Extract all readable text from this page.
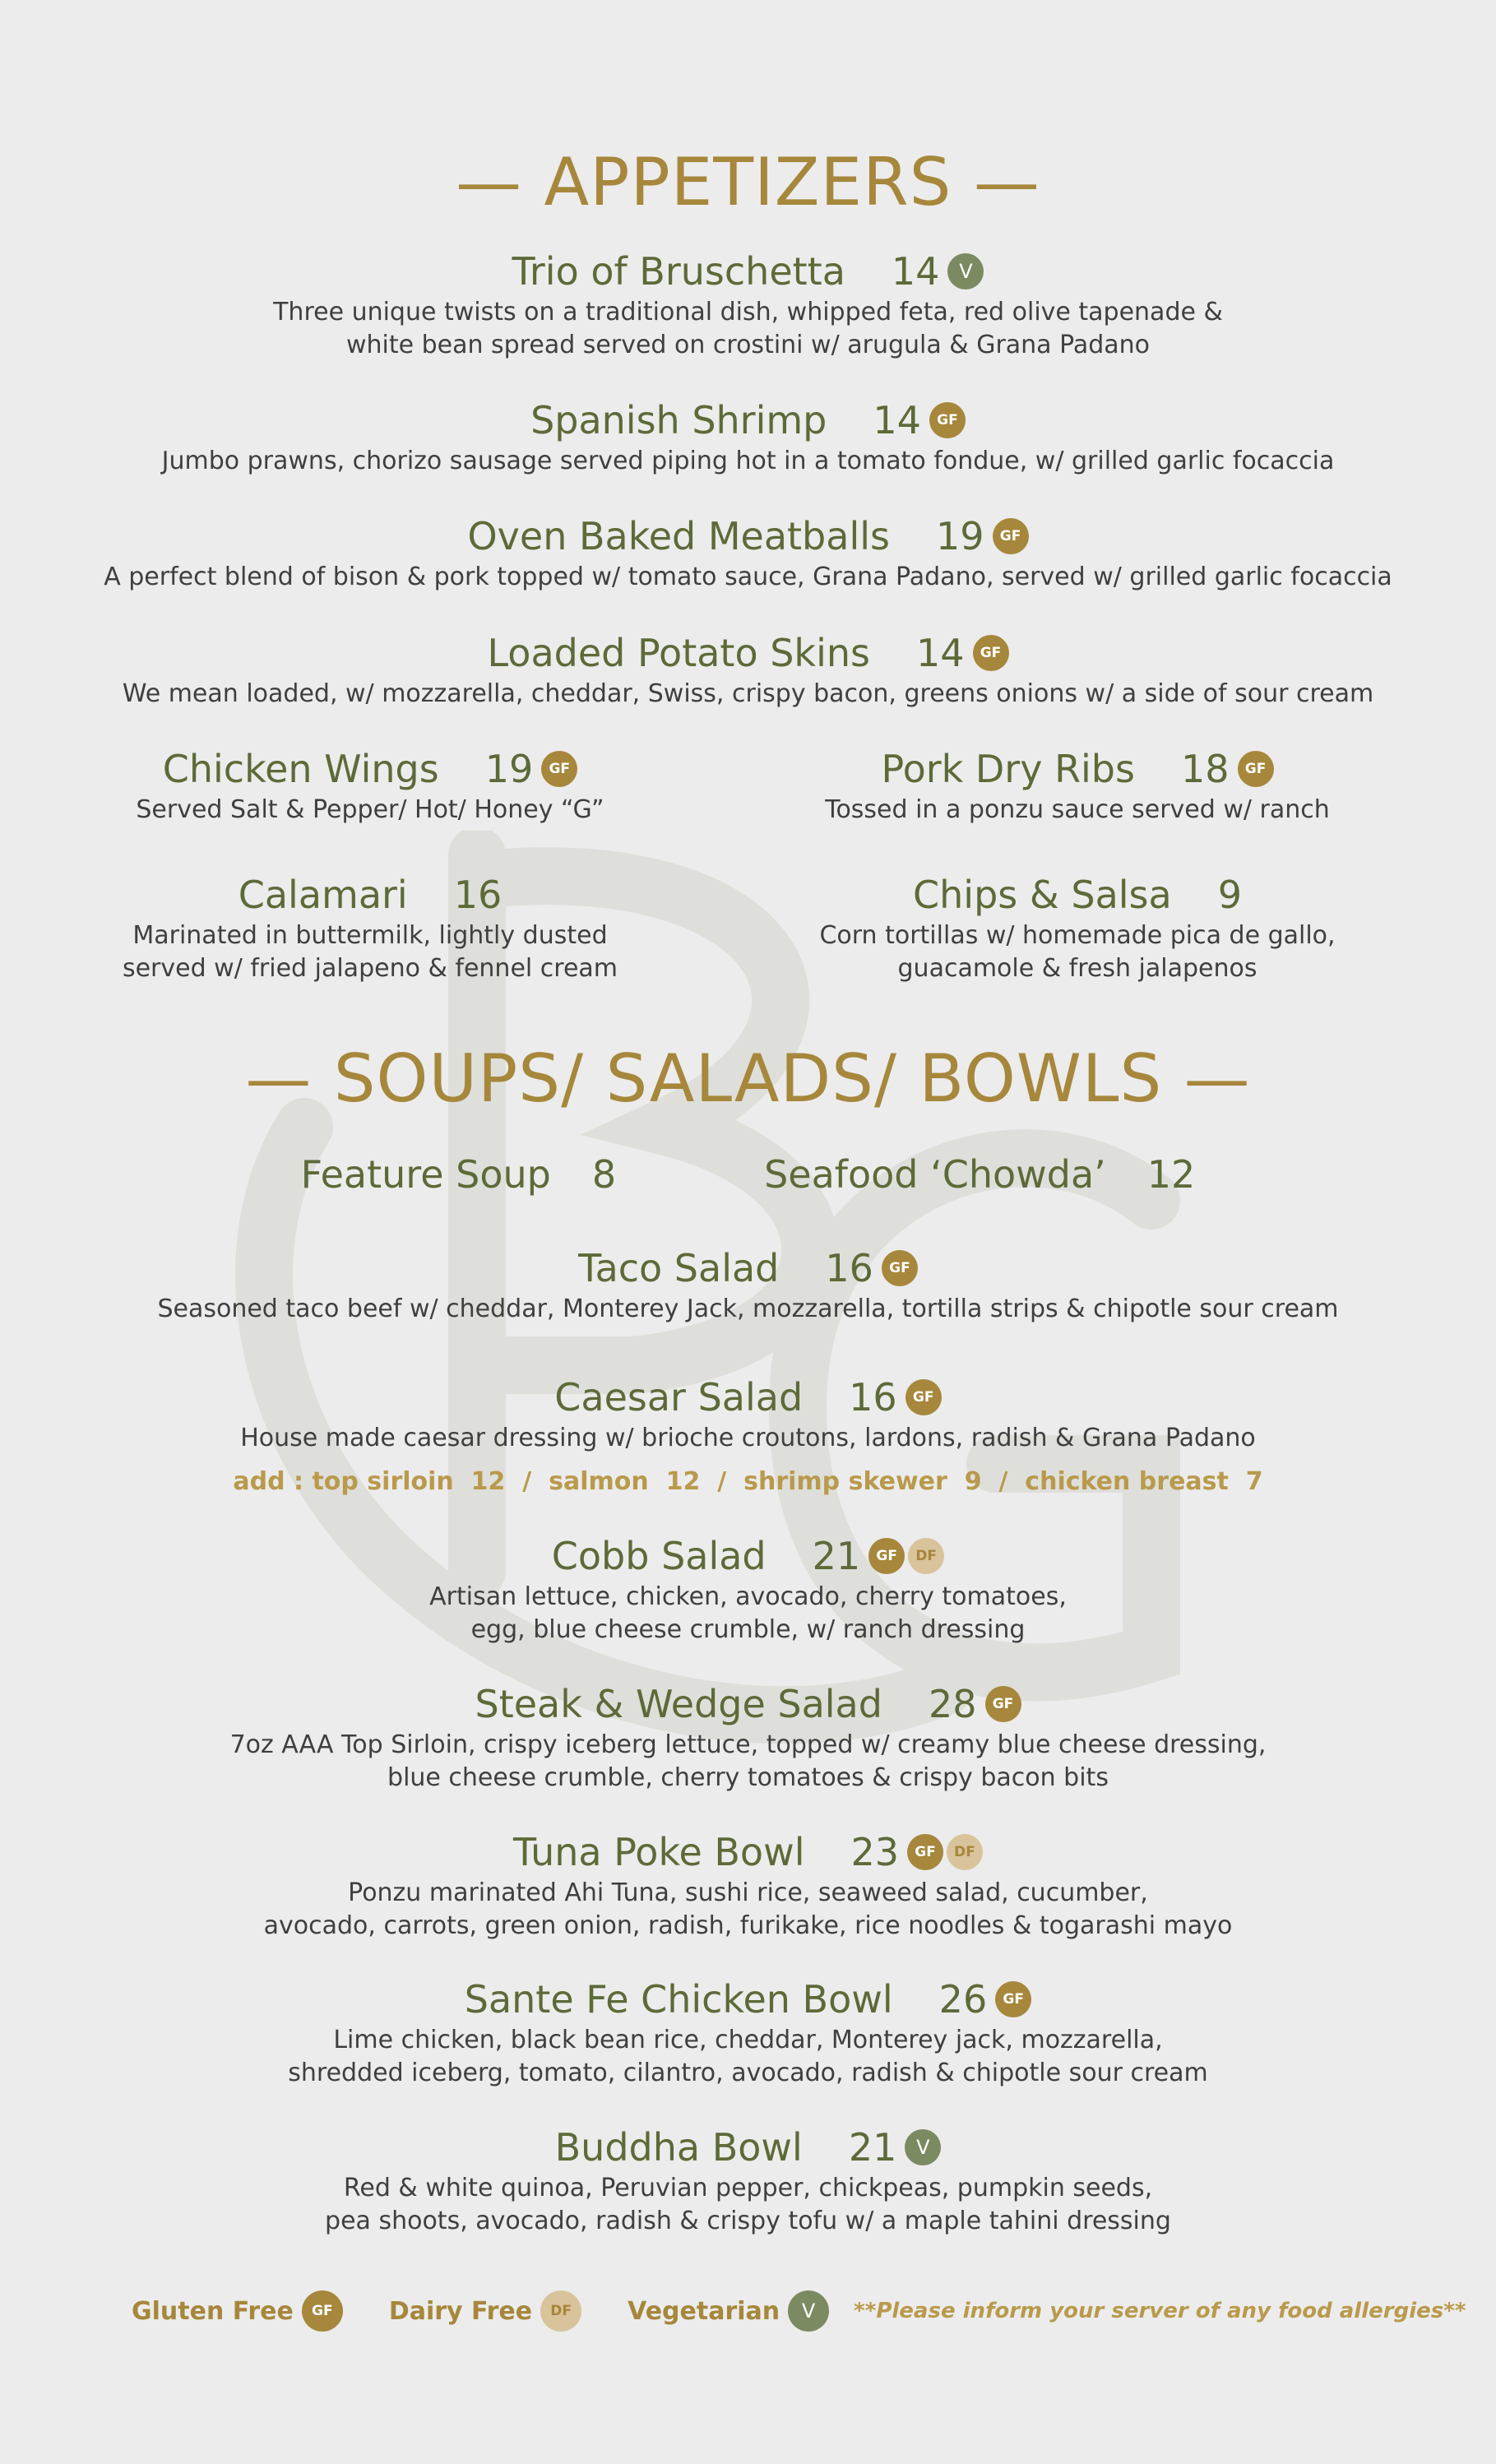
— APPETIZERS —
Trio of Bruschetta 14 V
Three unique twists on a traditional dish, whipped feta, red olive tapenade &
white bean spread served on crostini w/ arugula & Grana Padano
Spanish Shrimp 14	GF
Jumbo prawns, chorizo sausage served piping hot in a tomato fondue, w/ grilled garlic focaccia
Oven Baked Meatballs 19	GF
A perfect blend of bison & pork topped w/ tomato sauce, Grana Padano, served w/ grilled garlic focaccia
Loaded Potato Skins 14	GF
We mean loaded, w/ mozzarella, cheddar, Swiss, crispy bacon, greens onions w/ a side of sour cream
Chicken Wings 19	GF
Served Salt & Pepper/ Hot/ Honey “G”
Pork Dry Ribs 18	GF
Tossed in a ponzu sauce served w/ ranch
Calamari 16
Marinated in buttermilk, lightly dusted
served w/ fried jalapeno & fennel cream
Chips & Salsa 9
Corn tortillas w/ homemade pica de gallo,
guacamole & fresh jalapenos
— SOUPS/ SALADS/ BOWLS —
Feature Soup 8	Seafood ‘Chowda’ 12
Taco Salad 16	GF
Seasoned taco beef w/ cheddar, Monterey Jack, mozzarella, tortilla strips & chipotle sour cream
Caesar Salad 16	GF
House made caesar dressing w/ brioche croutons, lardons, radish & Grana Padano
add : top sirloin  12  /  salmon  12  /  shrimp skewer  9  /  chicken breast  7
Cobb Salad 21	GF	DF
Artisan lettuce, chicken, avocado, cherry tomatoes,
egg, blue cheese crumble, w/ ranch dressing
Steak & Wedge Salad 28	GF
7oz AAA Top Sirloin, crispy iceberg lettuce, topped w/ creamy blue cheese dressing,
blue cheese crumble, cherry tomatoes & crispy bacon bits
Tuna Poke Bowl 23	GF	DF
Ponzu marinated Ahi Tuna, sushi rice, seaweed salad, cucumber,
avocado, carrots, green onion, radish, furikake, rice noodles & togarashi mayo
Sante Fe Chicken Bowl 26	GF
Lime chicken, black bean rice, cheddar, Monterey jack, mozzarella,
shredded iceberg, tomato, cilantro, avocado, radish & chipotle sour cream
Buddha Bowl 21 V
Red & white quinoa, Peruvian pepper, chickpeas, pumpkin seeds,
pea shoots, avocado, radish & crispy tofu w/ a maple tahini dressing
Gluten Free	GF	Dairy Free	DF	Vegetarian	V	**Please inform your server of any food allergies**
